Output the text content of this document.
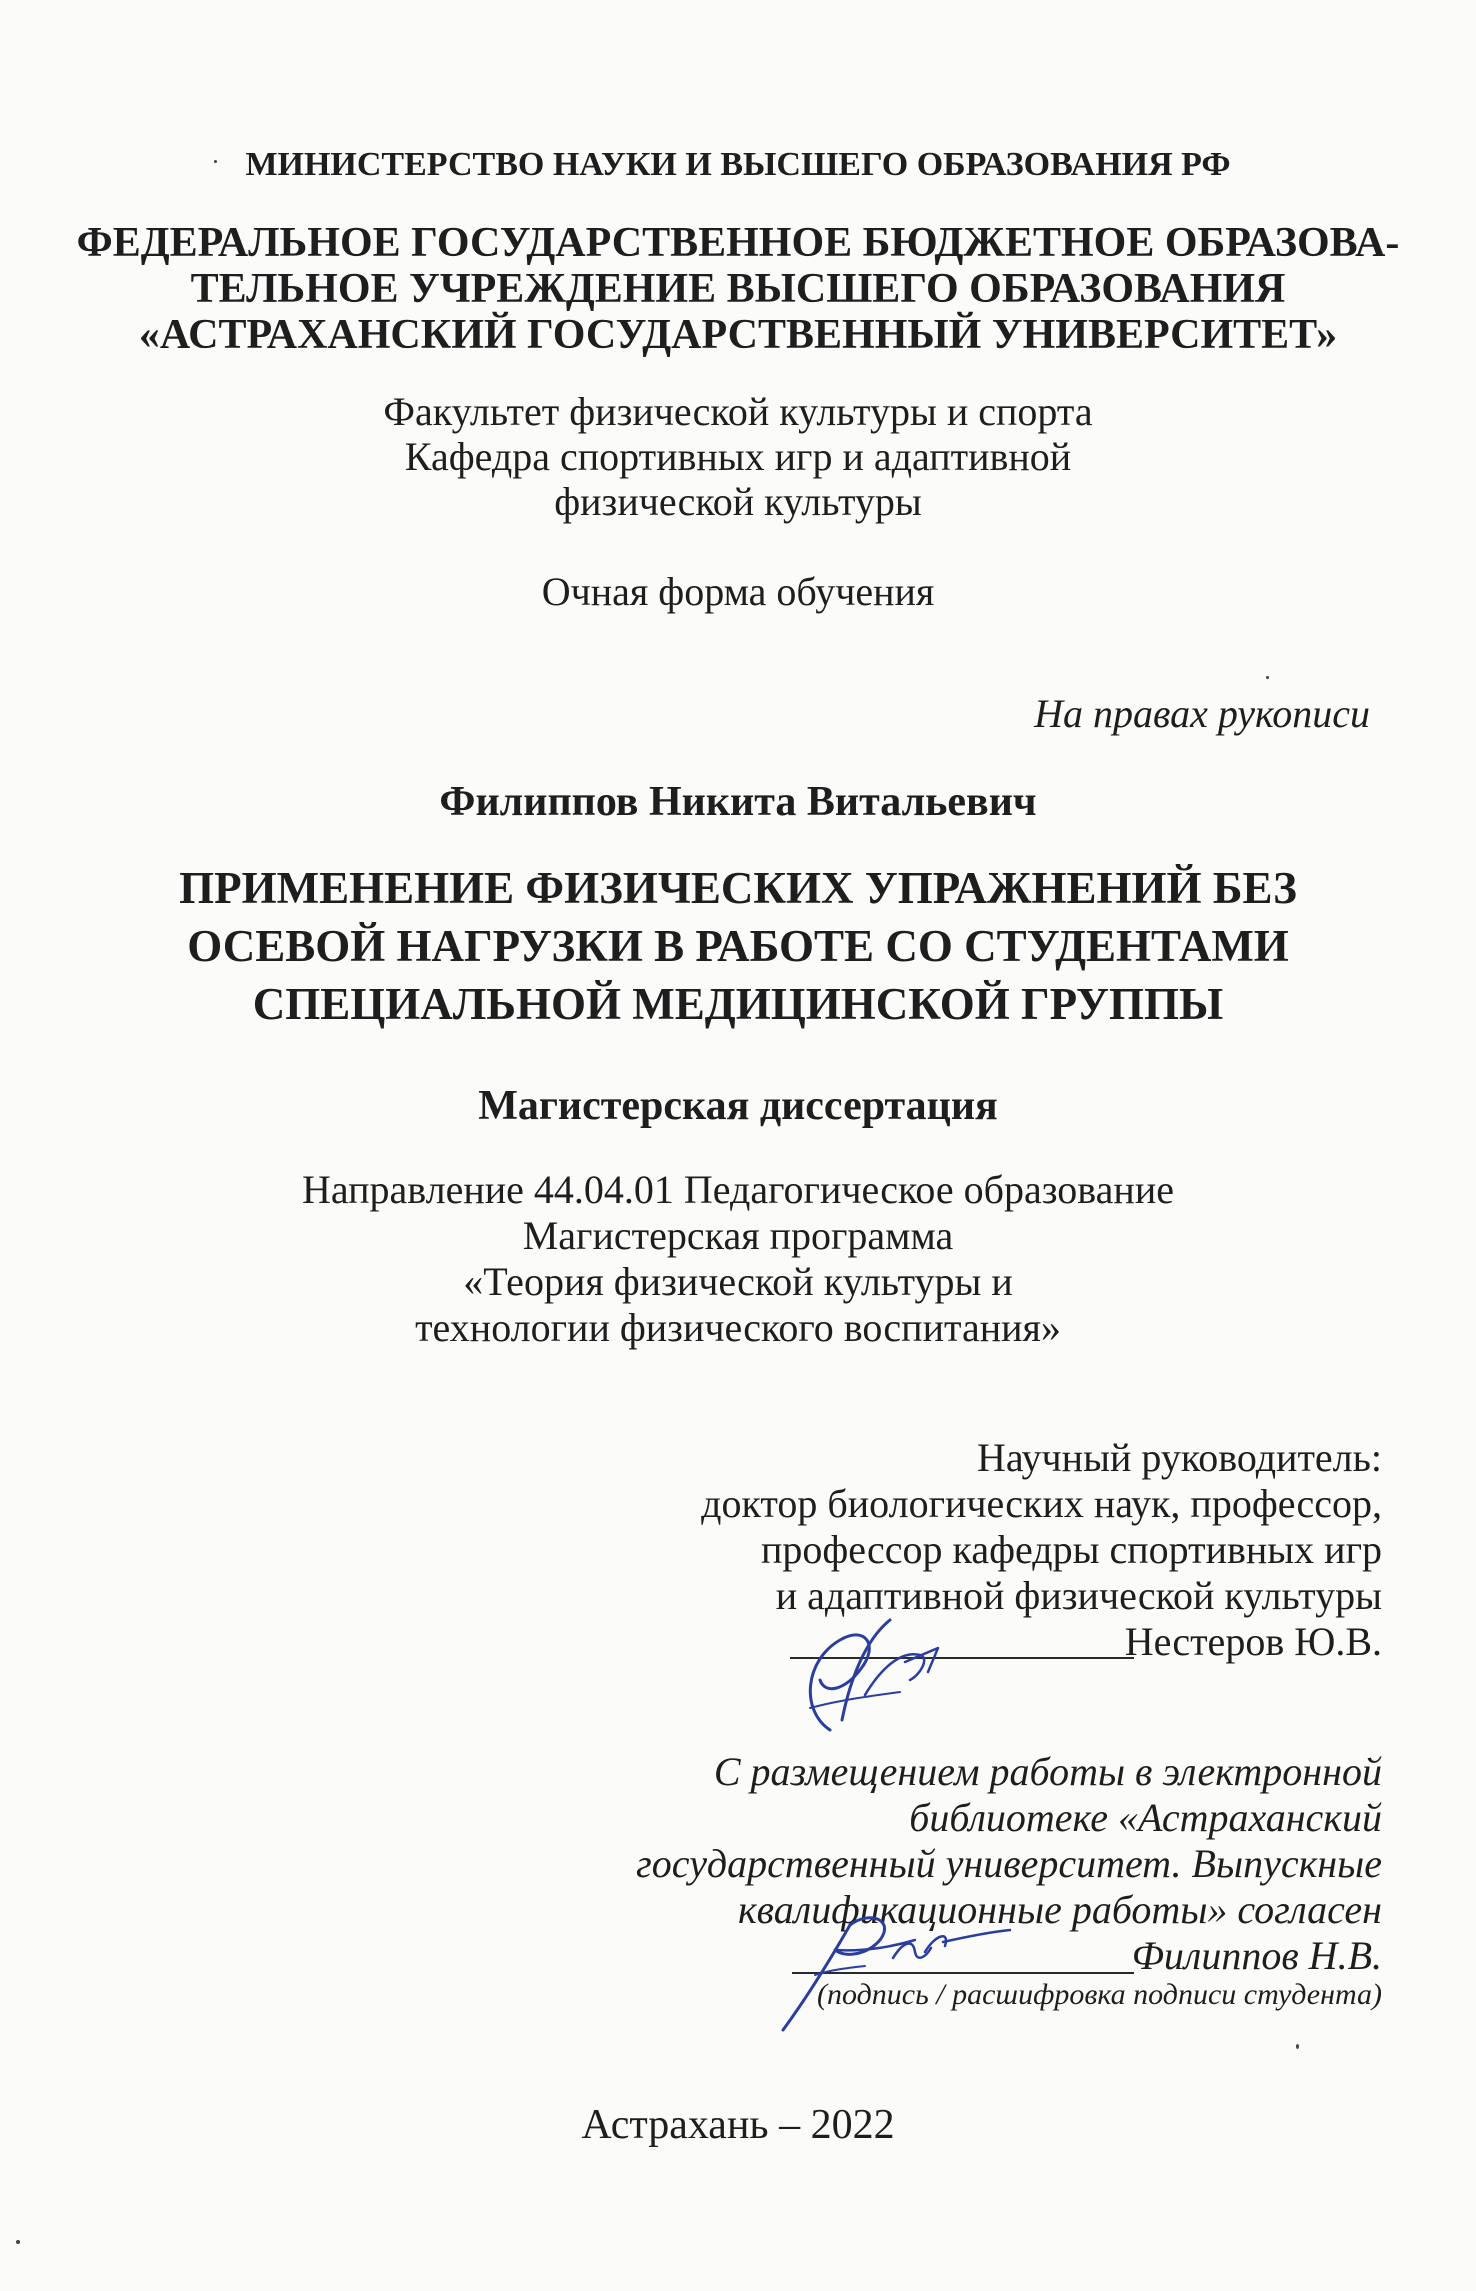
МИНИСТЕРСТВО НАУКИ И ВЫСШЕГО ОБРАЗОВАНИЯ РФ
ФЕДЕРАЛЬНОЕ ГОСУДАРСТВЕННОЕ БЮДЖЕТНОЕ ОБРАЗОВА-
ТЕЛЬНОЕ УЧРЕЖДЕНИЕ ВЫСШЕГО ОБРАЗОВАНИЯ
«АСТРАХАНСКИЙ ГОСУДАРСТВЕННЫЙ УНИВЕРСИТЕТ»
Факультет физической культуры и спорта
Кафедра спортивных игр и адаптивной
физической культуры
Очная форма обучения
На правах рукописи
Филиппов Никита Витальевич
ПРИМЕНЕНИЕ ФИЗИЧЕСКИХ УПРАЖНЕНИЙ БЕЗ
ОСЕВОЙ НАГРУЗКИ В РАБОТЕ СО СТУДЕНТАМИ
СПЕЦИАЛЬНОЙ МЕДИЦИНСКОЙ ГРУППЫ
Магистерская диссертация
Направление 44.04.01 Педагогическое образование
Магистерская программа
«Теория физической культуры и
технологии физического воспитания»
Научный руководитель:
доктор биологических наук, профессор,
профессор кафедры спортивных игр
и адаптивной физической культуры
Нестеров Ю.В.
С размещением работы в электронной
библиотеке «Астраханский
государственный университет. Выпускные
квалификационные работы» согласен
Филиппов Н.В.
(подпись / расшифровка подписи студента)
Астрахань – 2022
